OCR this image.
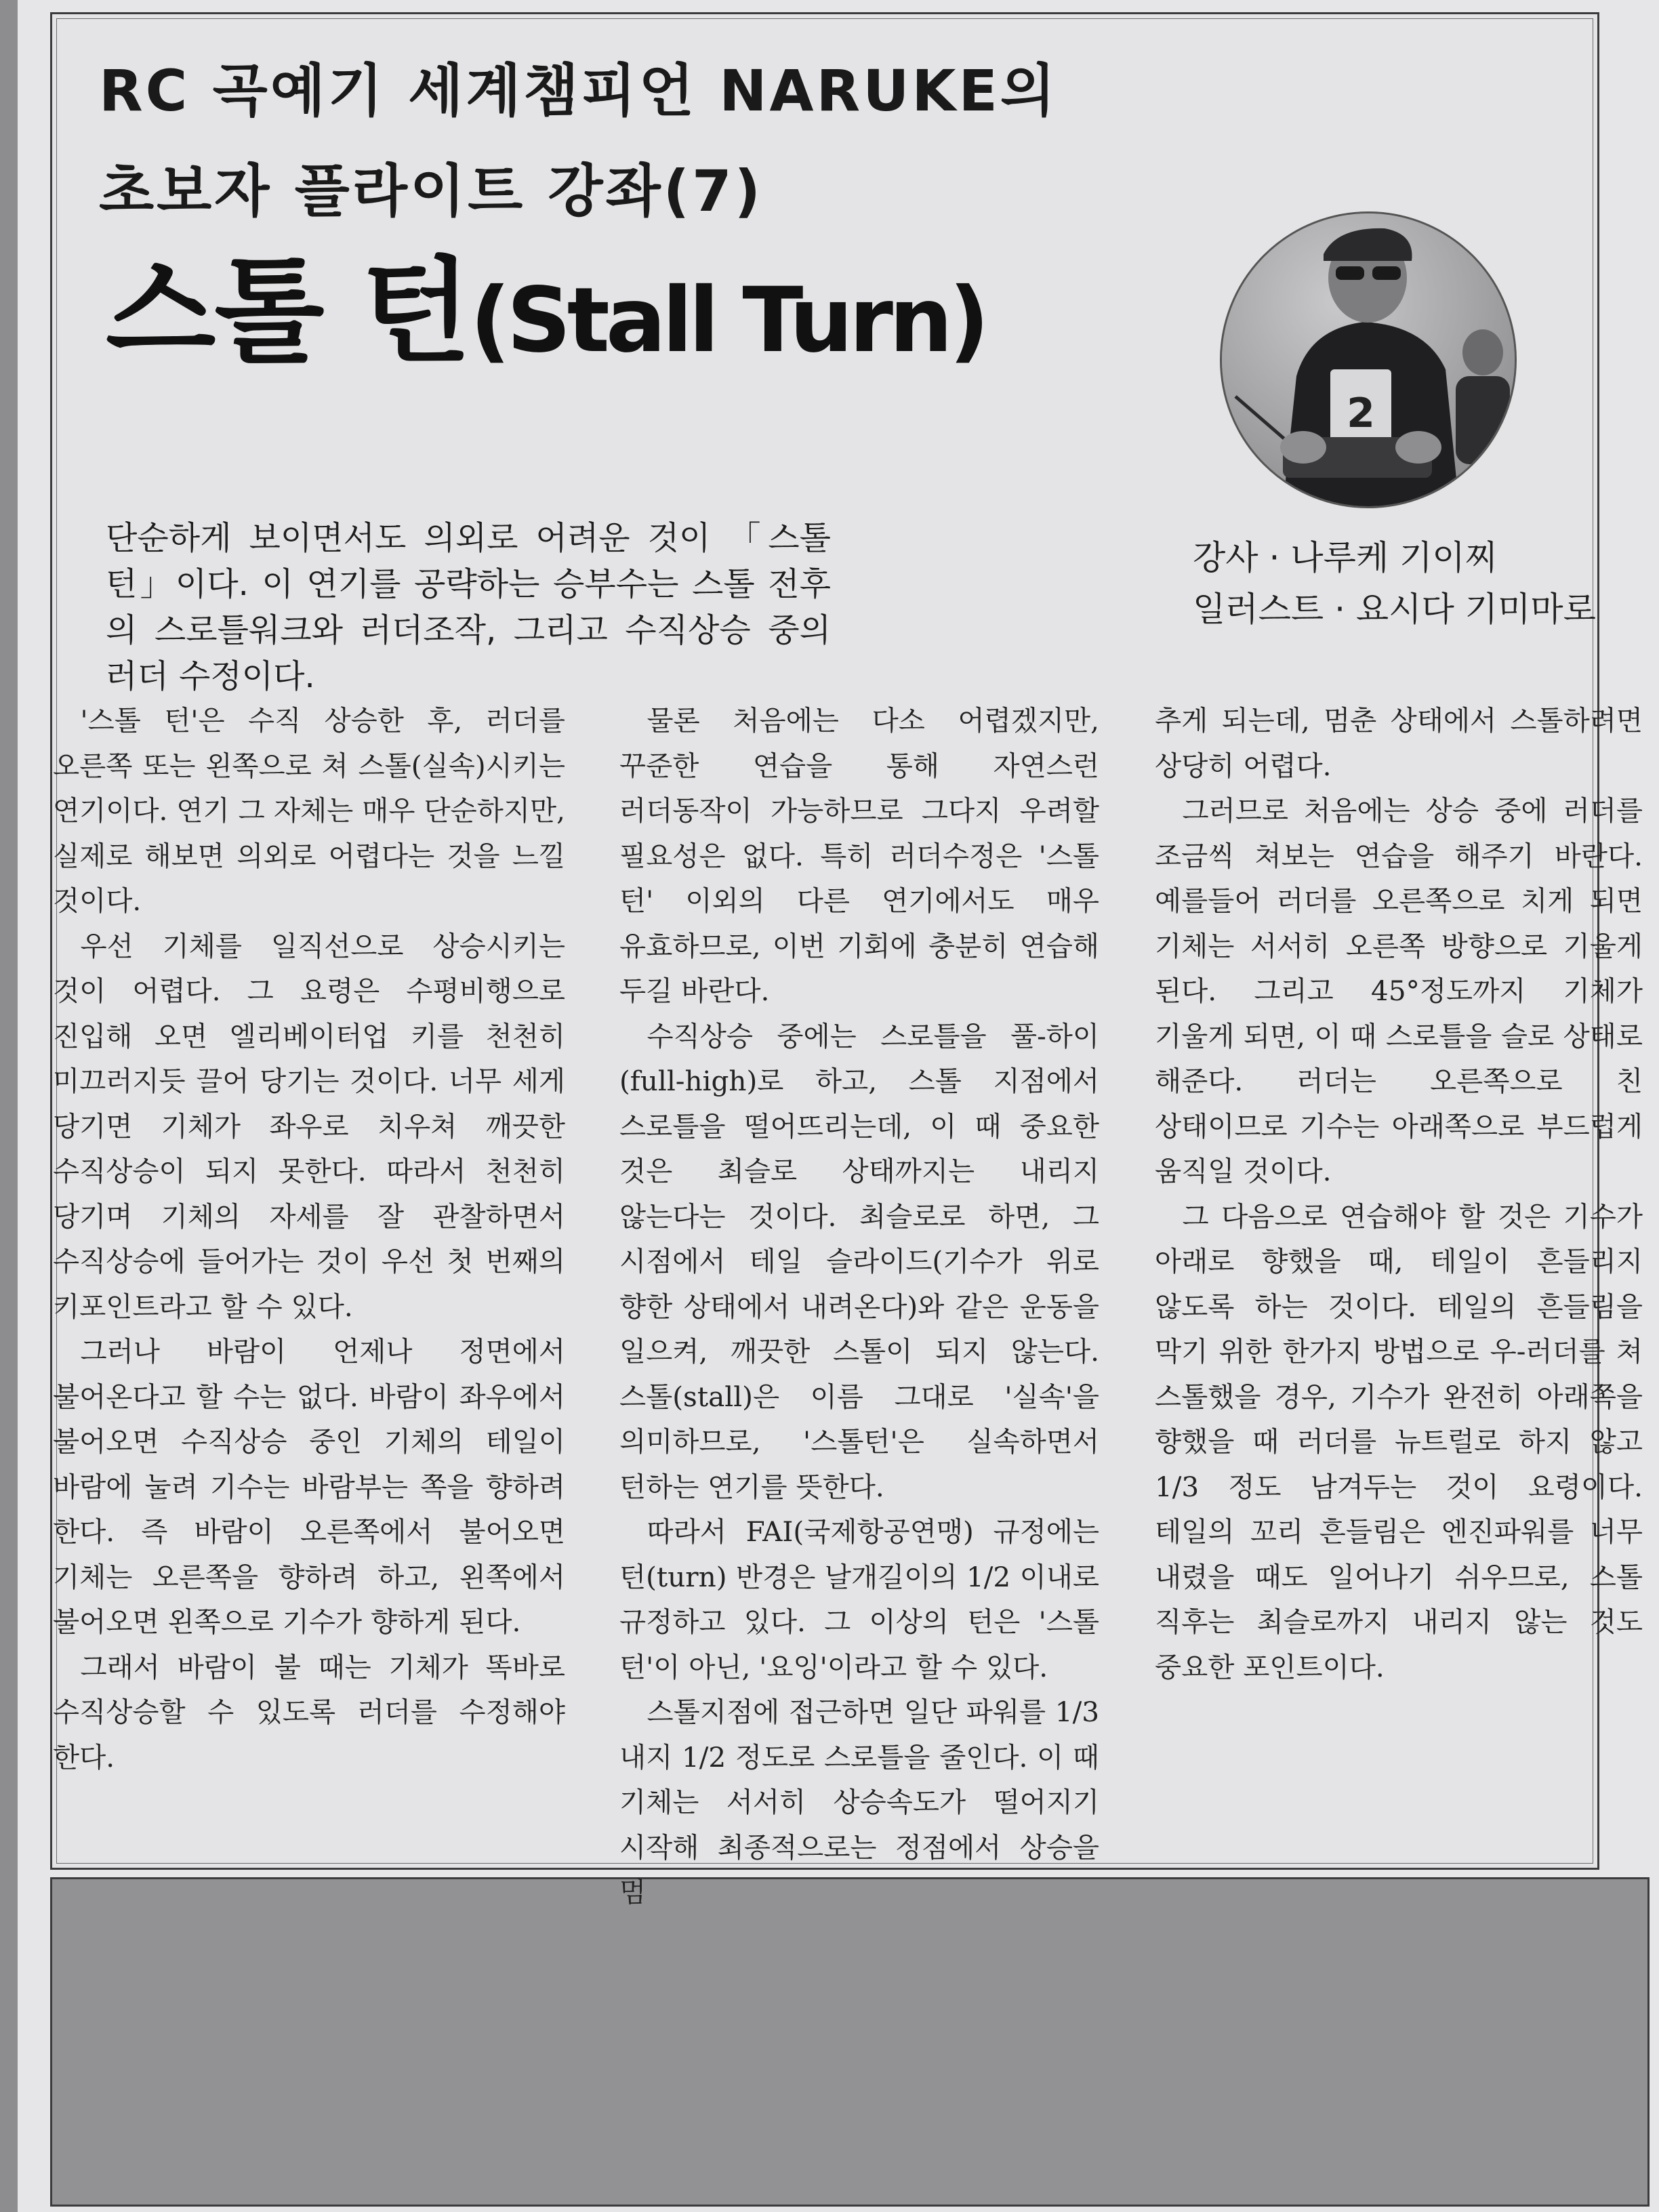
RC 곡예기 세계챔피언 NARUKE의
초보자 플라이트 강좌(7)
스톨 턴(Stall Turn)
2
강사 · 나루케 기이찌
일러스트 · 요시다 기미마로
단순하게 보이면서도 의외로 어려운 것이 「스톨 턴」이다. 이 연기를 공략하는 승부수는 스톨 전후의 스로틀워크와 러더조작, 그리고 수직상승 중의 러더 수정이다.

'스톨 턴'은 수직 상승한 후, 러더를 오른쪽 또는 왼쪽으로 쳐 스톨(실속)시키는 연기이다. 연기 그 자체는 매우 단순하지만, 실제로 해보면 의외로 어렵다는 것을 느낄 것이다.

우선 기체를 일직선으로 상승시키는 것이 어렵다. 그 요령은 수평비행으로 진입해 오면 엘리베이터업 키를 천천히 미끄러지듯 끌어 당기는 것이다. 너무 세게 당기면 기체가 좌우로 치우쳐 깨끗한 수직상승이 되지 못한다. 따라서 천천히 당기며 기체의 자세를 잘 관찰하면서 수직상승에 들어가는 것이 우선 첫 번째의 키포인트라고 할 수 있다.

그러나 바람이 언제나 정면에서 불어온다고 할 수는 없다. 바람이 좌우에서 불어오면 수직상승 중인 기체의 테일이 바람에 눌려 기수는 바람부는 쪽을 향하려 한다. 즉 바람이 오른쪽에서 불어오면 기체는 오른쪽을 향하려 하고, 왼쪽에서 불어오면 왼쪽으로 기수가 향하게 된다.

그래서 바람이 불 때는 기체가 똑바로 수직상승할 수 있도록 러더를 수정해야 한다.

물론 처음에는 다소 어렵겠지만, 꾸준한 연습을 통해 자연스런 러더동작이 가능하므로 그다지 우려할 필요성은 없다. 특히 러더수정은 '스톨 턴' 이외의 다른 연기에서도 매우 유효하므로, 이번 기회에 충분히 연습해 두길 바란다.

수직상승 중에는 스로틀을 풀-하이(full-high)로 하고, 스톨 지점에서 스로틀을 떨어뜨리는데, 이 때 중요한 것은 최슬로 상태까지는 내리지 않는다는 것이다. 최슬로로 하면, 그 시점에서 테일 슬라이드(기수가 위로 향한 상태에서 내려온다)와 같은 운동을 일으켜, 깨끗한 스톨이 되지 않는다. 스톨(stall)은 이름 그대로 '실속'을 의미하므로, '스톨턴'은 실속하면서 턴하는 연기를 뜻한다.

따라서 FAI(국제항공연맹) 규정에는 턴(turn) 반경은 날개길이의 1/2 이내로 규정하고 있다. 그 이상의 턴은 '스톨 턴'이 아닌, '요잉'이라고 할 수 있다.

스톨지점에 접근하면 일단 파워를 1/3 내지 1/2 정도로 스로틀을 줄인다. 이 때 기체는 서서히 상승속도가 떨어지기 시작해 최종적으로는 정점에서 상승을 멈

추게 되는데, 멈춘 상태에서 스톨하려면 상당히 어렵다.

그러므로 처음에는 상승 중에 러더를 조금씩 쳐보는 연습을 해주기 바란다. 예를들어 러더를 오른쪽으로 치게 되면 기체는 서서히 오른쪽 방향으로 기울게 된다. 그리고 45°정도까지 기체가 기울게 되면, 이 때 스로틀을 슬로 상태로 해준다. 러더는 오른쪽으로 친 상태이므로 기수는 아래쪽으로 부드럽게 움직일 것이다.

그 다음으로 연습해야 할 것은 기수가 아래로 향했을 때, 테일이 흔들리지 않도록 하는 것이다. 테일의 흔들림을 막기 위한 한가지 방법으로 우-러더를 쳐 스톨했을 경우, 기수가 완전히 아래쪽을 향했을 때 러더를 뉴트럴로 하지 않고 1/3 정도 남겨두는 것이 요령이다. 테일의 꼬리 흔들림은 엔진파워를 너무 내렸을 때도 일어나기 쉬우므로, 스톨 직후는 최슬로까지 내리지 않는 것도 중요한 포인트이다.
